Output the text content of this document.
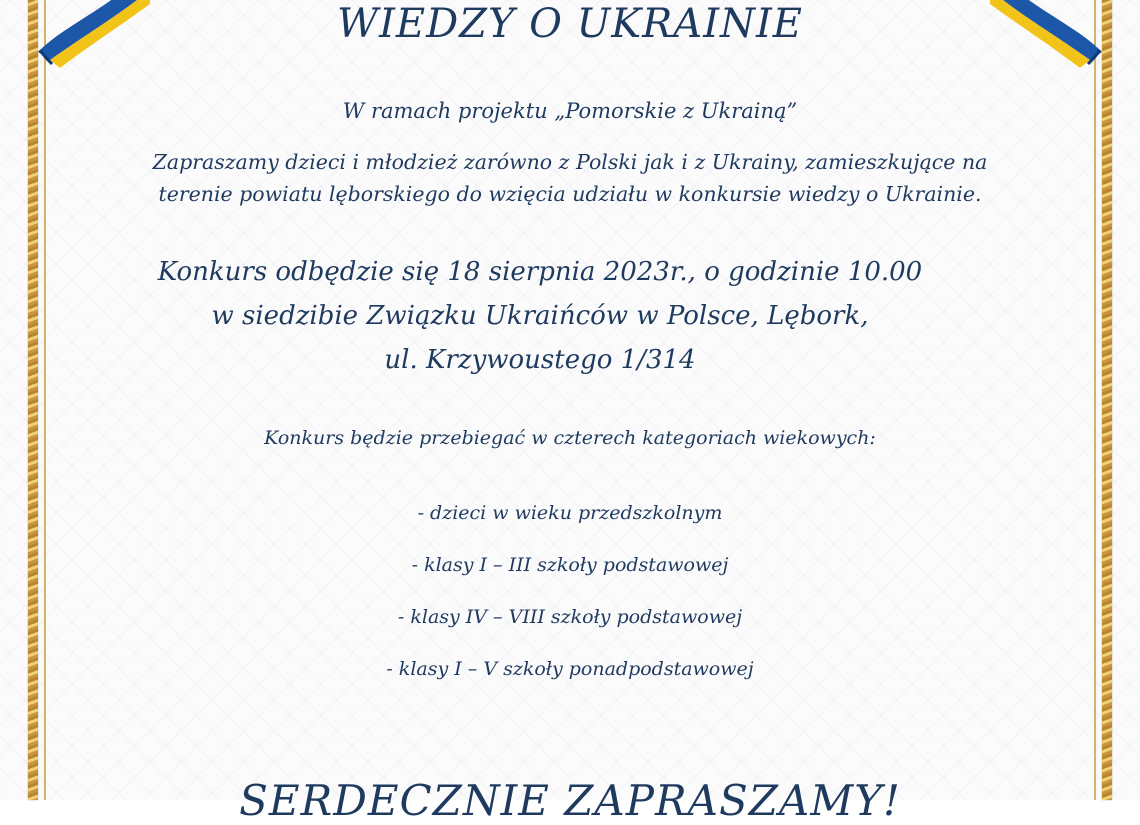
WIEDZY O UKRAINIE
W ramach projektu „Pomorskie z Ukrainą”
Zapraszamy dzieci i młodzież zarówno z Polski jak i z Ukrainy, zamieszkujące na
terenie powiatu lęborskiego do wzięcia udziału w konkursie wiedzy o Ukrainie.
Konkurs odbędzie się 18 sierpnia 2023r., o godzinie 10.00
w siedzibie Związku Ukraińców w Polsce, Lębork,
ul. Krzywoustego 1/314
Konkurs będzie przebiegać w czterech kategoriach wiekowych:
- dzieci w wieku przedszkolnym
- klasy I – III szkoły podstawowej
- klasy IV – VIII szkoły podstawowej
- klasy I – V szkoły ponadpodstawowej
SERDECZNIE ZAPRASZAMY!
